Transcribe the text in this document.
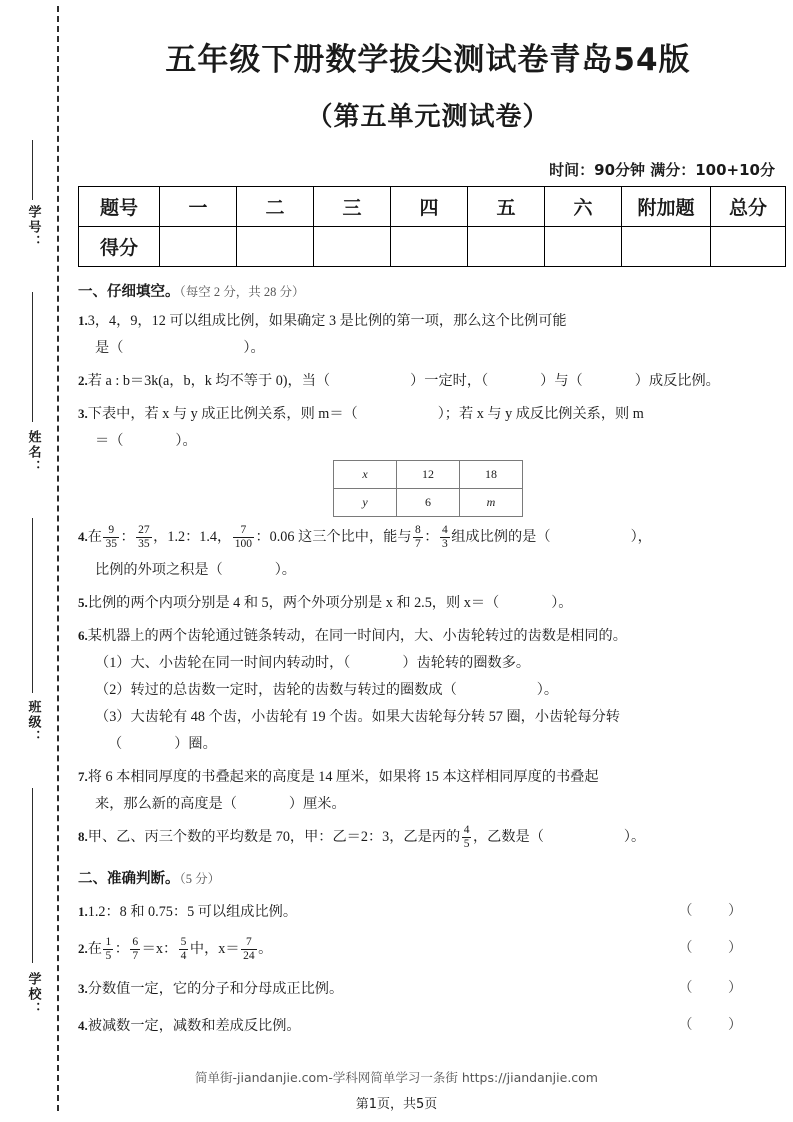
学号：
姓名：
班级：
学校：
五年级下册数学拔尖测试卷青岛54版
（第五单元测试卷）
时间：90分钟 满分：100+10分
题号	一	二	三	四	五	六	附加题	总分
得分								
一、仔细填空。（每空 2 分，共 28 分）
1.3，4，9，12 可以组成比例，如果确定 3 是比例的第一项，那么这个比例可能
是（	）。
2.若 a : b＝3k(a，b，k 均不等于 0)，当（	）一定时，（	）与（	）成反比例。
3.下表中，若 x 与 y 成正比例关系，则 m＝（	）；若 x 与 y 成反比例关系，则 m
＝（	）。
x	12	18
y	6	m
4.在 $\frac{9}{35}$ ： $\frac{27}{35}$ ，1.2：1.4， $\frac{7}{100}$ ：0.06 这三个比中，能与 $\frac{8}{7}$ ： $\frac{4}{3}$ 组成比例的是（	），
比例的外项之积是（	）。
5.比例的两个内项分别是 4 和 5，两个外项分别是 x 和 2.5，则 x＝（	）。
6.某机器上的两个齿轮通过链条转动，在同一时间内，大、小齿轮转过的齿数是相同的。
（1）大、小齿轮在同一时间内转动时，（	）齿轮转的圈数多。
（2）转过的总齿数一定时，齿轮的齿数与转过的圈数成（	）。
（3）大齿轮有 48 个齿，小齿轮有 19 个齿。如果大齿轮每分转 57 圈，小齿轮每分转
（	）圈。
7.将 6 本相同厚度的书叠起来的高度是 14 厘米，如果将 15 本这样相同厚度的书叠起
来，那么新的高度是（	）厘米。
8.甲、乙、丙三个数的平均数是 70，甲：乙＝2：3，乙是丙的 $\frac{4}{5}$ ，乙数是（	）。
二、准确判断。（5 分）
1.1.2：8 和 0.75：5 可以组成比例。	（ ）
2.在 $\frac{1}{5}$ ： $\frac{6}{7} =x$： $\frac{5}{4}$ 中，$x= \frac{7}{24}$ 。	（ ）
3.分数值一定，它的分子和分母成正比例。	（ ）
4.被减数一定，减数和差成反比例。	（ ）
简单街-jiandanjie.com-学科网简单学习一条街 https://jiandanjie.com
第1页，共5页
